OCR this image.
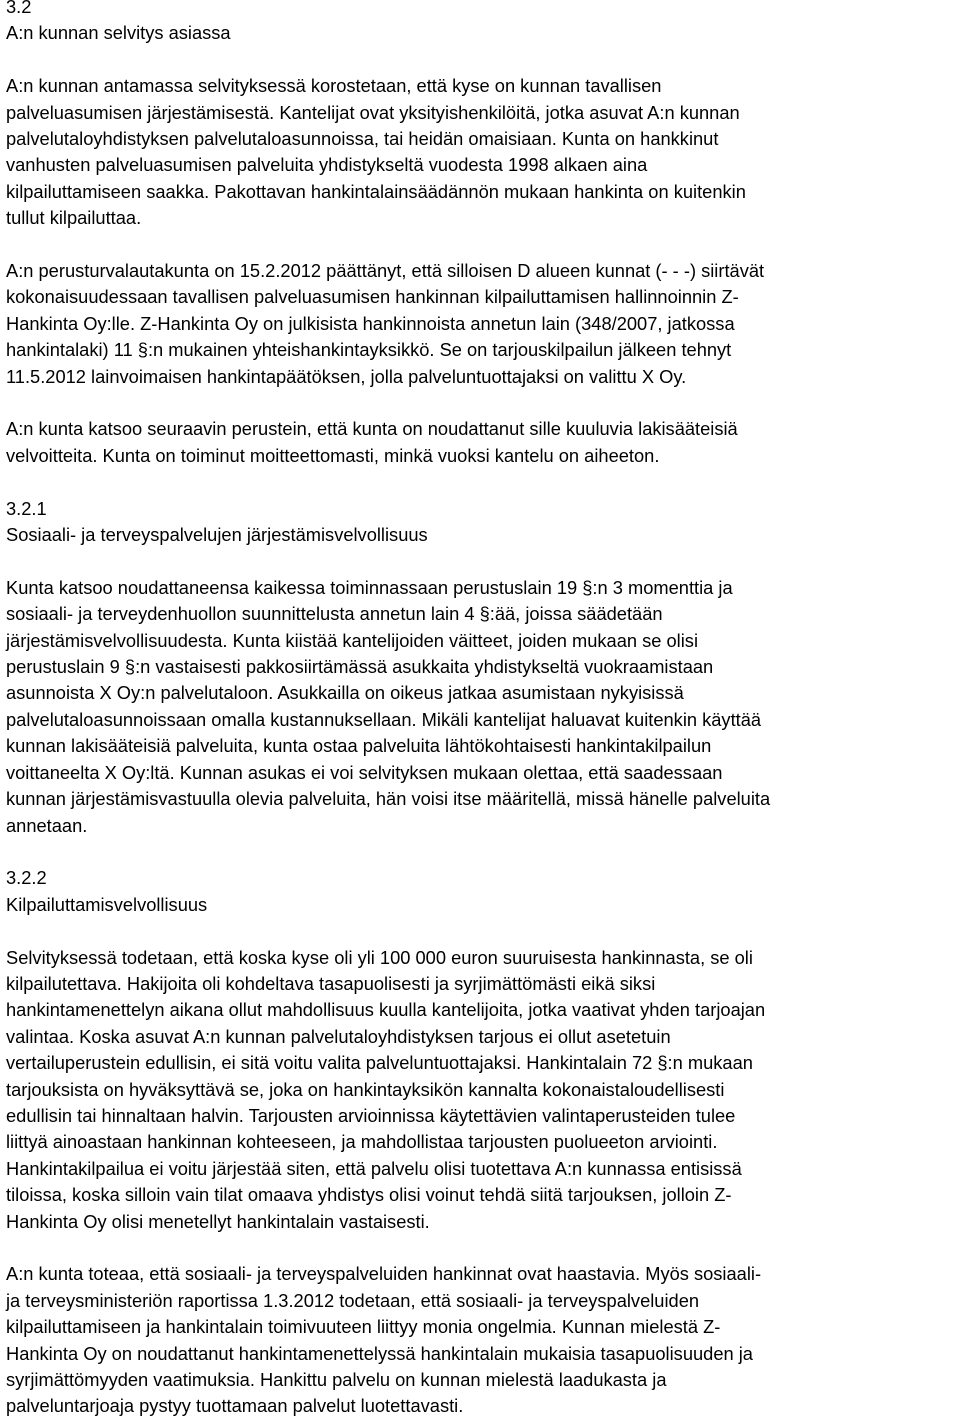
3.2

A:n kunnan selvitys asiassa

A:n kunnan antamassa selvityksessä korostetaan, että kyse on kunnan tavallisen

palveluasumisen järjestämisestä. Kantelijat ovat yksityishenkilöitä, jotka asuvat A:n kunnan

palvelutaloyhdistyksen palvelutaloasunnoissa, tai heidän omaisiaan. Kunta on hankkinut

vanhusten palveluasumisen palveluita yhdistykseltä vuodesta 1998 alkaen aina

kilpailuttamiseen saakka. Pakottavan hankintalainsäädännön mukaan hankinta on kuitenkin

tullut kilpailuttaa.

A:n perusturvalautakunta on 15.2.2012 päättänyt, että silloisen D alueen kunnat (- - -) siirtävät

kokonaisuudessaan tavallisen palveluasumisen hankinnan kilpailuttamisen hallinnoinnin Z-

Hankinta Oy:lle. Z-Hankinta Oy on julkisista hankinnoista annetun lain (348/2007, jatkossa

hankintalaki) 11 §:n mukainen yhteishankintayksikkö. Se on tarjouskilpailun jälkeen tehnyt

11.5.2012 lainvoimaisen hankintapäätöksen, jolla palveluntuottajaksi on valittu X Oy.

A:n kunta katsoo seuraavin perustein, että kunta on noudattanut sille kuuluvia lakisääteisiä

velvoitteita. Kunta on toiminut moitteettomasti, minkä vuoksi kantelu on aiheeton.

3.2.1

Sosiaali- ja terveyspalvelujen järjestämisvelvollisuus

Kunta katsoo noudattaneensa kaikessa toiminnassaan perustuslain 19 §:n 3 momenttia ja

sosiaali- ja terveydenhuollon suunnittelusta annetun lain 4 §:ää, joissa säädetään

järjestämisvelvollisuudesta. Kunta kiistää kantelijoiden väitteet, joiden mukaan se olisi

perustuslain 9 §:n vastaisesti pakkosiirtämässä asukkaita yhdistykseltä vuokraamistaan

asunnoista X Oy:n palvelutaloon. Asukkailla on oikeus jatkaa asumistaan nykyisissä

palvelutaloasunnoissaan omalla kustannuksellaan. Mikäli kantelijat haluavat kuitenkin käyttää

kunnan lakisääteisiä palveluita, kunta ostaa palveluita lähtökohtaisesti hankintakilpailun

voittaneelta X Oy:ltä. Kunnan asukas ei voi selvityksen mukaan olettaa, että saadessaan

kunnan järjestämisvastuulla olevia palveluita, hän voisi itse määritellä, missä hänelle palveluita

annetaan.

3.2.2

Kilpailuttamisvelvollisuus

Selvityksessä todetaan, että koska kyse oli yli 100 000 euron suuruisesta hankinnasta, se oli

kilpailutettava. Hakijoita oli kohdeltava tasapuolisesti ja syrjimättömästi eikä siksi

hankintamenettelyn aikana ollut mahdollisuus kuulla kantelijoita, jotka vaativat yhden tarjoajan

valintaa. Koska asuvat A:n kunnan palvelutaloyhdistyksen tarjous ei ollut asetetuin

vertailuperustein edullisin, ei sitä voitu valita palveluntuottajaksi. Hankintalain 72 §:n mukaan

tarjouksista on hyväksyttävä se, joka on hankintayksikön kannalta kokonaistaloudellisesti

edullisin tai hinnaltaan halvin. Tarjousten arvioinnissa käytettävien valintaperusteiden tulee

liittyä ainoastaan hankinnan kohteeseen, ja mahdollistaa tarjousten puolueeton arviointi.

Hankintakilpailua ei voitu järjestää siten, että palvelu olisi tuotettava A:n kunnassa entisissä

tiloissa, koska silloin vain tilat omaava yhdistys olisi voinut tehdä siitä tarjouksen, jolloin Z-

Hankinta Oy olisi menetellyt hankintalain vastaisesti.

A:n kunta toteaa, että sosiaali- ja terveyspalveluiden hankinnat ovat haastavia. Myös sosiaali-

ja terveysministeriön raportissa 1.3.2012 todetaan, että sosiaali- ja terveyspalveluiden

kilpailuttamiseen ja hankintalain toimivuuteen liittyy monia ongelmia. Kunnan mielestä Z-

Hankinta Oy on noudattanut hankintamenettelyssä hankintalain mukaisia tasapuolisuuden ja

syrjimättömyyden vaatimuksia. Hankittu palvelu on kunnan mielestä laadukasta ja

palveluntarjoaja pystyy tuottamaan palvelut luotettavasti.
